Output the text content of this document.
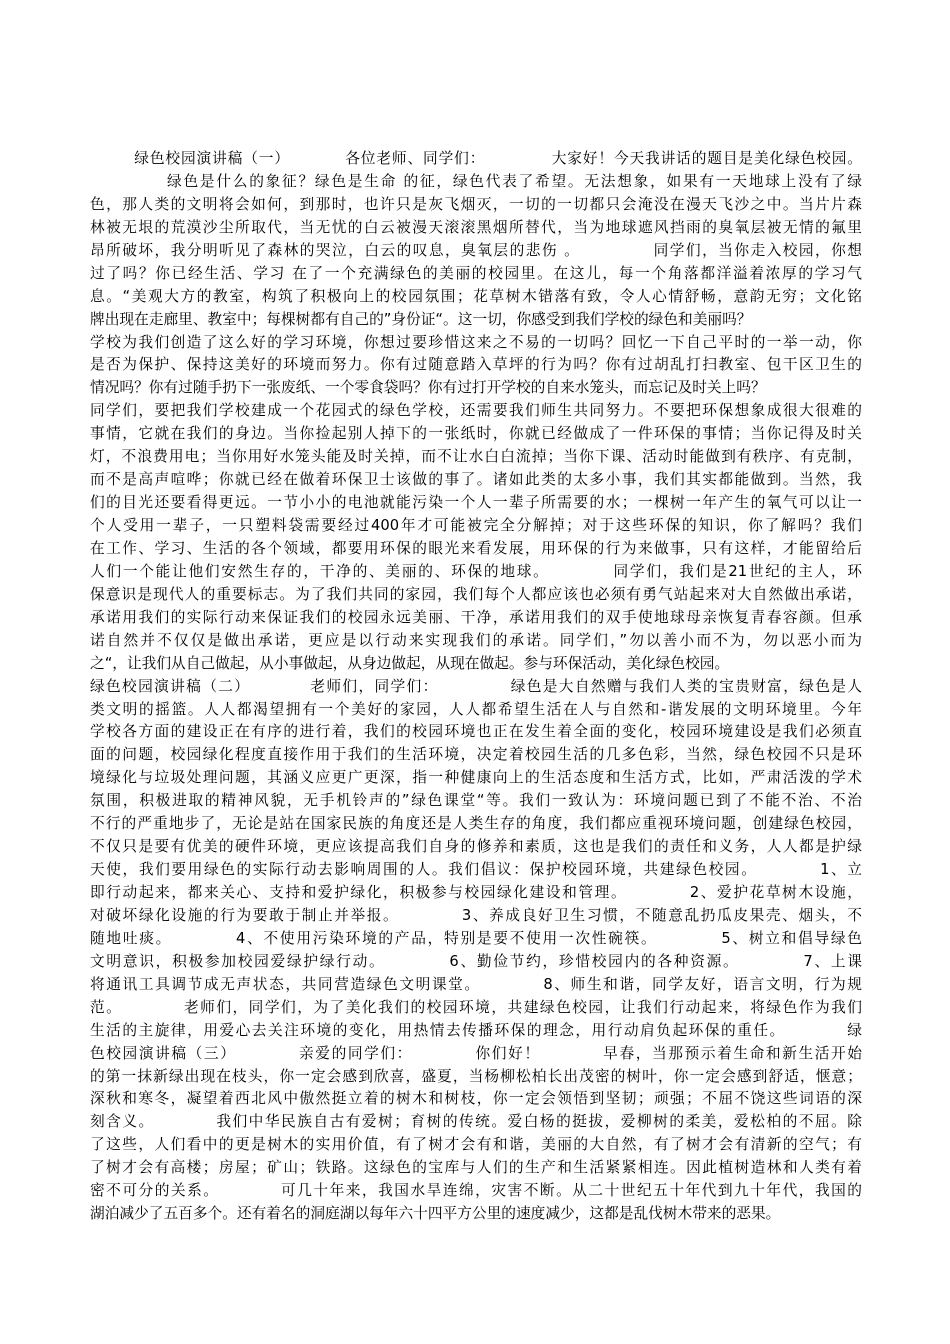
绿色校园演讲稿（一）          各位老师、同学们：            大家好！今天我讲话的题目是美化绿色校园。
绿色是什么的象征？绿色是生命 的征，绿色代表了希望。无法想象，如果有一天地球上没有了绿
色，那人类的文明将会如何，到那时，也许只是灰飞烟灭，一切的一切都只会淹没在漫天飞沙之中。当片片森
林被无垠的荒漠沙尘所取代，当无忧的白云被漫天滚滚黑烟所替代，当为地球遮风挡雨的臭氧层被无情的氟里
昂所破坏，我分明听见了森林的哭泣，白云的叹息，臭氧层的悲伤 。            同学们，当你走入校园，你想
过了吗？你已经生活、学习 在了一个充满绿色的美丽的校园里。在这儿，每一个角落都洋溢着浓厚的学习气
息。“美观大方的教室，构筑了积极向上的校园氛围；花草树木错落有致，令人心情舒畅，意韵无穷；文化铭
牌出现在走廊里、教室中；每棵树都有自己的”身份证“。这一切，你感受到我们学校的绿色和美丽吗？
学校为我们创造了这么好的学习环境，你想过要珍惜这来之不易的一切吗？回忆一下自己平时的一举一动，你
是否为保护、保持这美好的环境而努力。你有过随意踏入草坪的行为吗？你有过胡乱打扫教室、包干区卫生的
情况吗？你有过随手扔下一张废纸、一个零食袋吗？你有过打开学校的自来水笼头，而忘记及时关上吗？
同学们，要把我们学校建成一个花园式的绿色学校，还需要我们师生共同努力。不要把环保想象成很大很难的
事情，它就在我们的身边。当你捡起别人掉下的一张纸时，你就已经做成了一件环保的事情；当你记得及时关
灯，不浪费用电；当你用好水笼头能及时关掉，而不让水白白流掉；当你下课、活动时能做到有秩序、有克制，
而不是高声喧哗；你就已经在做着环保卫士该做的事了。诸如此类的太多小事，我们其实都能做到。当然，我
们的目光还要看得更远。一节小小的电池就能污染一个人一辈子所需要的水；一棵树一年产生的氧气可以让一
个人受用一辈子，一只塑料袋需要经过400年才可能被完全分解掉；对于这些环保的知识，你了解吗？我们
在工作、学习、生活的各个领域，都要用环保的眼光来看发展，用环保的行为来做事，只有这样，才能留给后
人们一个能让他们安然生存的，干净的、美丽的、环保的地球。          同学们，我们是21世纪的主人，环
保意识是现代人的重要标志。为了我们共同的家园，我们每个人都应该也必须有勇气站起来对大自然做出承诺，
承诺用我们的实际行动来保证我们的校园永远美丽、干净，承诺用我们的双手使地球母亲恢复青春容颜。但承
诺自然并不仅仅是做出承诺，更应是以行动来实现我们的承诺。同学们，”勿以善小而不为，勿以恶小而为
之“，让我们从自己做起，从小事做起，从身边做起，从现在做起。参与环保活动，美化绿色校园。
绿色校园演讲稿（二）          老师们，同学们：            绿色是大自然赠与我们人类的宝贵财富，绿色是人
类文明的摇篮。人人都渴望拥有一个美好的家园，人人都希望生活在人与自然和-谐发展的文明环境里。今年
学校各方面的建设正在有序的进行着，我们的校园环境也正在发生着全面的变化，校园环境建设是我们必须直
面的问题，校园绿化程度直接作用于我们的生活环境，决定着校园生活的几多色彩，当然，绿色校园不只是环
境绿化与垃圾处理问题，其涵义应更广更深，指一种健康向上的生活态度和生活方式，比如，严肃活泼的学术
氛围，积极进取的精神风貌，无手机铃声的”绿色课堂“等。我们一致认为：环境问题已到了不能不治、不治
不行的严重地步了，无论是站在国家民族的角度还是人类生存的角度，我们都应重视环境问题，创建绿色校园，
不仅只是要有优美的硬件环境，更应该提高我们自身的修养和素质，这也是我们的责任和义务，人人都是护绿
天使，我们要用绿色的实际行动去影响周围的人。我们倡议：保护校园环境，共建绿色校园。          1、立
即行动起来，都来关心、支持和爱护绿化，积极参与校园绿化建设和管理。          2、爱护花草树木设施，
对破坏绿化设施的行为要敢于制止并举报。          3、养成良好卫生习惯，不随意乱扔瓜皮果壳、烟头，不
随地吐痰。          4、不使用污染环境的产品，特别是要不使用一次性碗筷。          5、树立和倡导绿色
文明意识，积极参加校园爱绿护绿行动。          6、勤俭节约，珍惜校园内的各种资源。          7、上课
将通讯工具调节成无声状态，共同营造绿色文明课堂。          8、师生和谐，同学友好，语言文明，行为规
范。          老师们，同学们，为了美化我们的校园环境，共建绿色校园，让我们行动起来，将绿色作为我们
生活的主旋律，用爱心去关注环境的变化，用热情去传播环保的理念，用行动肩负起环保的重任。          绿
色校园演讲稿（三）          亲爱的同学们：          你们好！          早春，当那预示着生命和新生活开始
的第一抹新绿出现在枝头，你一定会感到欣喜，盛夏，当杨柳松柏长出茂密的树叶，你一定会感到舒适，惬意；
深秋和寒冬，凝望着西北风中傲然挺立着的树木和树枝，你一定会领悟到坚韧；顽强；不屈不饶这些词语的深
刻含义。          我们中华民族自古有爱树；育树的传统。爱白杨的挺拔，爱柳树的柔美，爱松柏的不屈。除
了这些，人们看中的更是树木的实用价值，有了树才会有和谐，美丽的大自然，有了树才会有清新的空气；有
了树才会有高楼；房屋；矿山；铁路。这绿色的宝库与人们的生产和生活紧紧相连。因此植树造林和人类有着
密不可分的关系。          可几十年来，我国水旱连绵，灾害不断。从二十世纪五十年代到九十年代，我国的
湖泊减少了五百多个。还有着名的洞庭湖以每年六十四平方公里的速度减少，这都是乱伐树木带来的恶果。
